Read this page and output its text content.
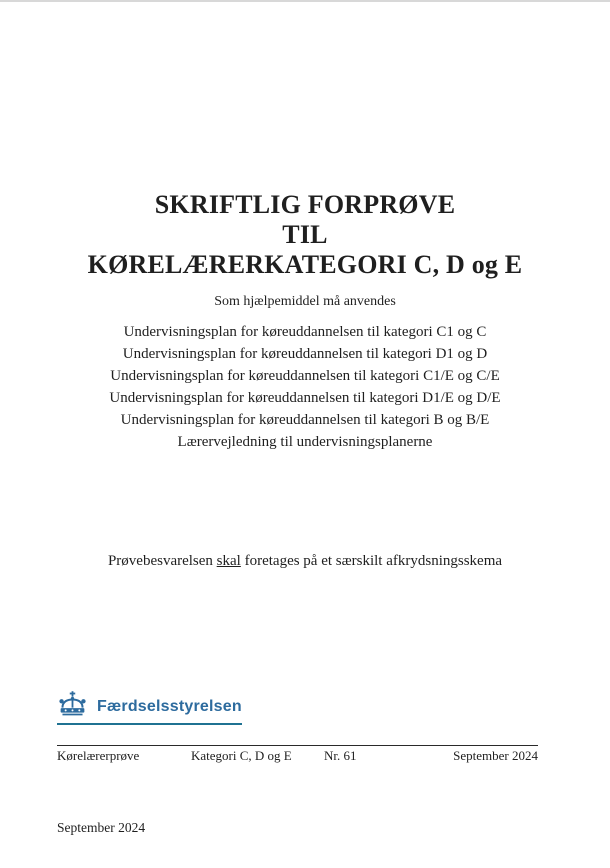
SKRIFTLIG FORPRØVE
TIL
KØRELÆRERKATEGORI C, D og E
Som hjælpemiddel må anvendes
Undervisningsplan for køreuddannelsen til kategori C1 og C
Undervisningsplan for køreuddannelsen til kategori D1 og D
Undervisningsplan for køreuddannelsen til kategori C1/E og C/E
Undervisningsplan for køreuddannelsen til kategori D1/E og D/E
Undervisningsplan for køreuddannelsen til kategori B og B/E
Lærervejledning til undervisningsplanerne
Prøvebesvarelsen skal foretages på et særskilt afkrydsningsskema
Færdselsstyrelsen
Kørelærerprøve	Kategori C, D og E Nr. 61	September 2024
September 2024
